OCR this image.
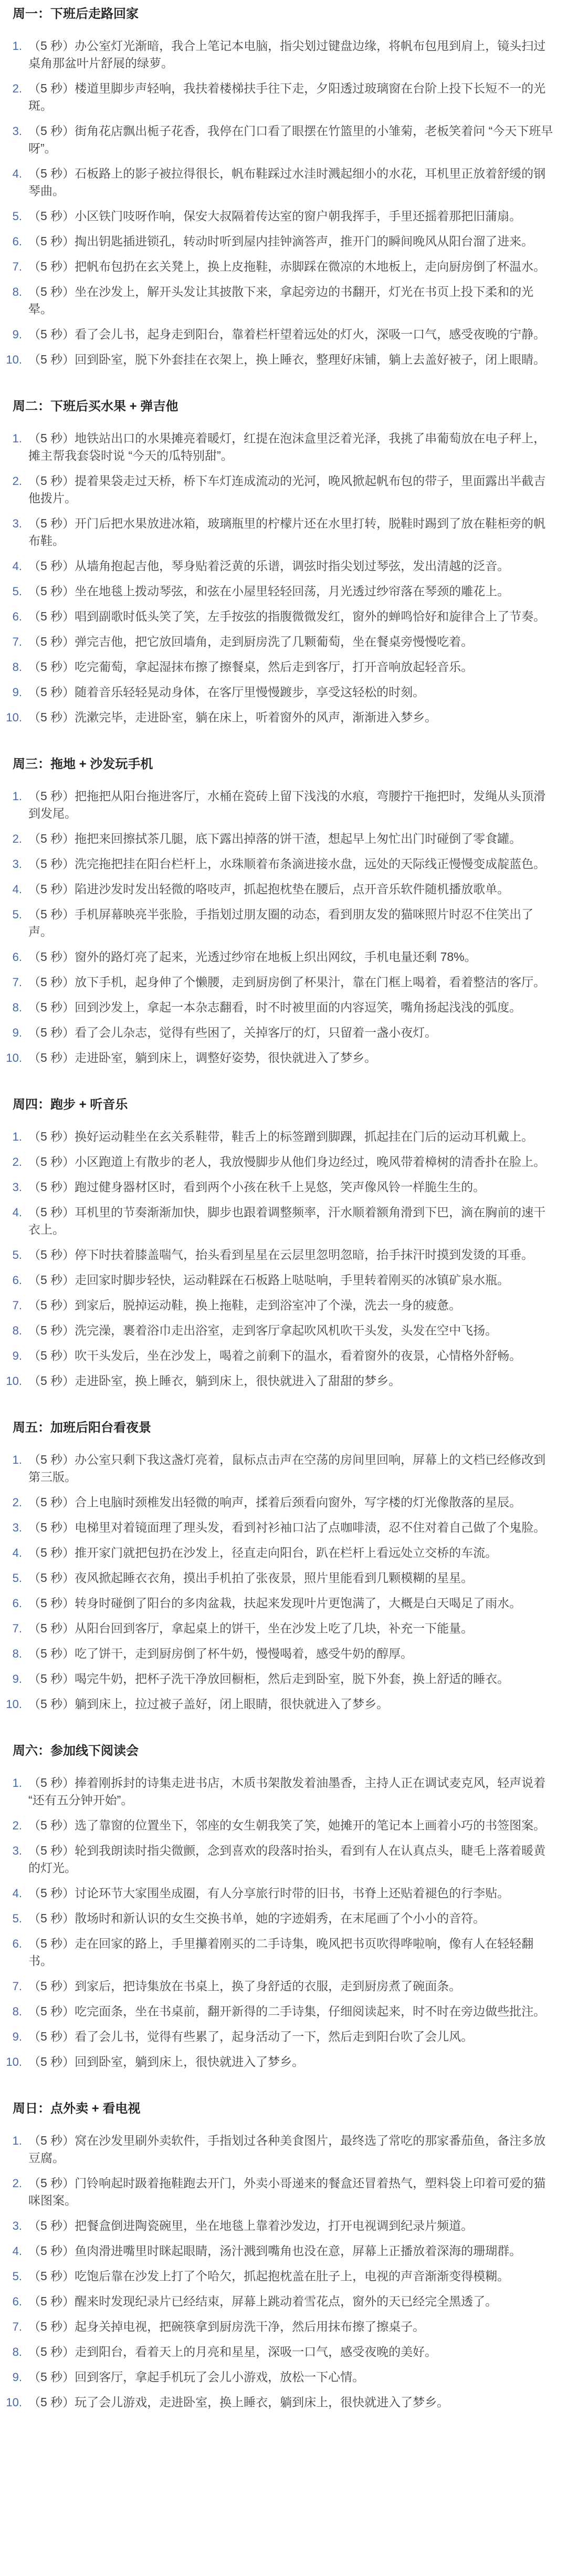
周一：下班后走路回家
（5 秒）办公室灯光渐暗，我合上笔记本电脑，指尖划过键盘边缘，将帆布包甩到肩上，镜头扫过桌角那盆叶片舒展的绿萝。
（5 秒）楼道里脚步声轻响，我扶着楼梯扶手往下走，夕阳透过玻璃窗在台阶上投下长短不一的光斑。
（5 秒）街角花店飘出栀子花香，我停在门口看了眼摆在竹篮里的小雏菊，老板笑着问 “今天下班早呀”。
（5 秒）石板路上的影子被拉得很长，帆布鞋踩过水洼时溅起细小的水花，耳机里正放着舒缓的钢琴曲。
（5 秒）小区铁门吱呀作响，保安大叔隔着传达室的窗户朝我挥手，手里还摇着那把旧蒲扇。
（5 秒）掏出钥匙插进锁孔，转动时听到屋内挂钟滴答声，推开门的瞬间晚风从阳台溜了进来。
（5 秒）把帆布包扔在玄关凳上，换上皮拖鞋，赤脚踩在微凉的木地板上，走向厨房倒了杯温水。
（5 秒）坐在沙发上，解开头发让其披散下来，拿起旁边的书翻开，灯光在书页上投下柔和的光晕。
（5 秒）看了会儿书，起身走到阳台，靠着栏杆望着远处的灯火，深吸一口气，感受夜晚的宁静。
（5 秒）回到卧室，脱下外套挂在衣架上，换上睡衣，整理好床铺，躺上去盖好被子，闭上眼睛。
周二：下班后买水果 + 弹吉他
（5 秒）地铁站出口的水果摊亮着暖灯，红提在泡沫盒里泛着光泽，我挑了串葡萄放在电子秤上，摊主帮我套袋时说 “今天的瓜特别甜”。
（5 秒）提着果袋走过天桥，桥下车灯连成流动的光河，晚风掀起帆布包的带子，里面露出半截吉他拨片。
（5 秒）开门后把水果放进冰箱，玻璃瓶里的柠檬片还在水里打转，脱鞋时踢到了放在鞋柜旁的帆布鞋。
（5 秒）从墙角抱起吉他，琴身贴着泛黄的乐谱，调弦时指尖划过琴弦，发出清越的泛音。
（5 秒）坐在地毯上拨动琴弦，和弦在小屋里轻轻回荡，月光透过纱帘落在琴颈的雕花上。
（5 秒）唱到副歌时低头笑了笑，左手按弦的指腹微微发红，窗外的蝉鸣恰好和旋律合上了节奏。
（5 秒）弹完吉他，把它放回墙角，走到厨房洗了几颗葡萄，坐在餐桌旁慢慢吃着。
（5 秒）吃完葡萄，拿起湿抹布擦了擦餐桌，然后走到客厅，打开音响放起轻音乐。
（5 秒）随着音乐轻轻晃动身体，在客厅里慢慢踱步，享受这轻松的时刻。
（5 秒）洗漱完毕，走进卧室，躺在床上，听着窗外的风声，渐渐进入梦乡。
周三：拖地 + 沙发玩手机
（5 秒）把拖把从阳台拖进客厅，水桶在瓷砖上留下浅浅的水痕，弯腰拧干拖把时，发绳从头顶滑到发尾。
（5 秒）拖把来回擦拭茶几腿，底下露出掉落的饼干渣，想起早上匆忙出门时碰倒了零食罐。
（5 秒）洗完拖把挂在阳台栏杆上，水珠顺着布条滴进接水盘，远处的天际线正慢慢变成靛蓝色。
（5 秒）陷进沙发时发出轻微的咯吱声，抓起抱枕垫在腰后，点开音乐软件随机播放歌单。
（5 秒）手机屏幕映亮半张脸，手指划过朋友圈的动态，看到朋友发的猫咪照片时忍不住笑出了声。
（5 秒）窗外的路灯亮了起来，光透过纱帘在地板上织出网纹，手机电量还剩 78%。
（5 秒）放下手机，起身伸了个懒腰，走到厨房倒了杯果汁，靠在门框上喝着，看着整洁的客厅。
（5 秒）回到沙发上，拿起一本杂志翻看，时不时被里面的内容逗笑，嘴角扬起浅浅的弧度。
（5 秒）看了会儿杂志，觉得有些困了，关掉客厅的灯，只留着一盏小夜灯。
（5 秒）走进卧室，躺到床上，调整好姿势，很快就进入了梦乡。
周四：跑步 + 听音乐
（5 秒）换好运动鞋坐在玄关系鞋带，鞋舌上的标签蹭到脚踝，抓起挂在门后的运动耳机戴上。
（5 秒）小区跑道上有散步的老人，我放慢脚步从他们身边经过，晚风带着樟树的清香扑在脸上。
（5 秒）跑过健身器材区时，看到两个小孩在秋千上晃悠，笑声像风铃一样脆生生的。
（5 秒）耳机里的节奏渐渐加快，脚步也跟着调整频率，汗水顺着额角滑到下巴，滴在胸前的速干衣上。
（5 秒）停下时扶着膝盖喘气，抬头看到星星在云层里忽明忽暗，抬手抹汗时摸到发烫的耳垂。
（5 秒）走回家时脚步轻快，运动鞋踩在石板路上哒哒响，手里转着刚买的冰镇矿泉水瓶。
（5 秒）到家后，脱掉运动鞋，换上拖鞋，走到浴室冲了个澡，洗去一身的疲惫。
（5 秒）洗完澡，裹着浴巾走出浴室，走到客厅拿起吹风机吹干头发，头发在空中飞扬。
（5 秒）吹干头发后，坐在沙发上，喝着之前剩下的温水，看着窗外的夜景，心情格外舒畅。
（5 秒）走进卧室，换上睡衣，躺到床上，很快就进入了甜甜的梦乡。
周五：加班后阳台看夜景
（5 秒）办公室只剩下我这盏灯亮着，鼠标点击声在空荡的房间里回响，屏幕上的文档已经修改到第三版。
（5 秒）合上电脑时颈椎发出轻微的响声，揉着后颈看向窗外，写字楼的灯光像散落的星辰。
（5 秒）电梯里对着镜面理了理头发，看到衬衫袖口沾了点咖啡渍，忍不住对着自己做了个鬼脸。
（5 秒）推开家门就把包扔在沙发上，径直走向阳台，趴在栏杆上看远处立交桥的车流。
（5 秒）夜风掀起睡衣衣角，摸出手机拍了张夜景，照片里能看到几颗模糊的星星。
（5 秒）转身时碰倒了阳台的多肉盆栽，扶起来发现叶片更饱满了，大概是白天喝足了雨水。
（5 秒）从阳台回到客厅，拿起桌上的饼干，坐在沙发上吃了几块，补充一下能量。
（5 秒）吃了饼干，走到厨房倒了杯牛奶，慢慢喝着，感受牛奶的醇厚。
（5 秒）喝完牛奶，把杯子洗干净放回橱柜，然后走到卧室，脱下外套，换上舒适的睡衣。
（5 秒）躺到床上，拉过被子盖好，闭上眼睛，很快就进入了梦乡。
周六：参加线下阅读会
（5 秒）捧着刚拆封的诗集走进书店，木质书架散发着油墨香，主持人正在调试麦克风，轻声说着 “还有五分钟开始”。
（5 秒）选了靠窗的位置坐下，邻座的女生朝我笑了笑，她摊开的笔记本上画着小巧的书签图案。
（5 秒）轮到我朗读时指尖微颤，念到喜欢的段落时抬头，看到有人在认真点头，睫毛上落着暖黄的灯光。
（5 秒）讨论环节大家围坐成圈，有人分享旅行时带的旧书，书脊上还贴着褪色的行李贴。
（5 秒）散场时和新认识的女生交换书单，她的字迹娟秀，在末尾画了个小小的音符。
（5 秒）走在回家的路上，手里攥着刚买的二手诗集，晚风把书页吹得哗啦响，像有人在轻轻翻书。
（5 秒）到家后，把诗集放在书桌上，换了身舒适的衣服，走到厨房煮了碗面条。
（5 秒）吃完面条，坐在书桌前，翻开新得的二手诗集，仔细阅读起来，时不时在旁边做些批注。
（5 秒）看了会儿书，觉得有些累了，起身活动了一下，然后走到阳台吹了会儿风。
（5 秒）回到卧室，躺到床上，很快就进入了梦乡。
周日：点外卖 + 看电视
（5 秒）窝在沙发里刷外卖软件，手指划过各种美食图片，最终选了常吃的那家番茄鱼，备注多放豆腐。
（5 秒）门铃响起时趿着拖鞋跑去开门，外卖小哥递来的餐盒还冒着热气，塑料袋上印着可爱的猫咪图案。
（5 秒）把餐盒倒进陶瓷碗里，坐在地毯上靠着沙发边，打开电视调到纪录片频道。
（5 秒）鱼肉滑进嘴里时眯起眼睛，汤汁溅到嘴角也没在意，屏幕上正播放着深海的珊瑚群。
（5 秒）吃饱后靠在沙发上打了个哈欠，抓起抱枕盖在肚子上，电视的声音渐渐变得模糊。
（5 秒）醒来时发现纪录片已经结束，屏幕上跳动着雪花点，窗外的天已经完全黑透了。
（5 秒）起身关掉电视，把碗筷拿到厨房洗干净，然后用抹布擦了擦桌子。
（5 秒）走到阳台，看着天上的月亮和星星，深吸一口气，感受夜晚的美好。
（5 秒）回到客厅，拿起手机玩了会儿小游戏，放松一下心情。
（5 秒）玩了会儿游戏，走进卧室，换上睡衣，躺到床上，很快就进入了梦乡。
